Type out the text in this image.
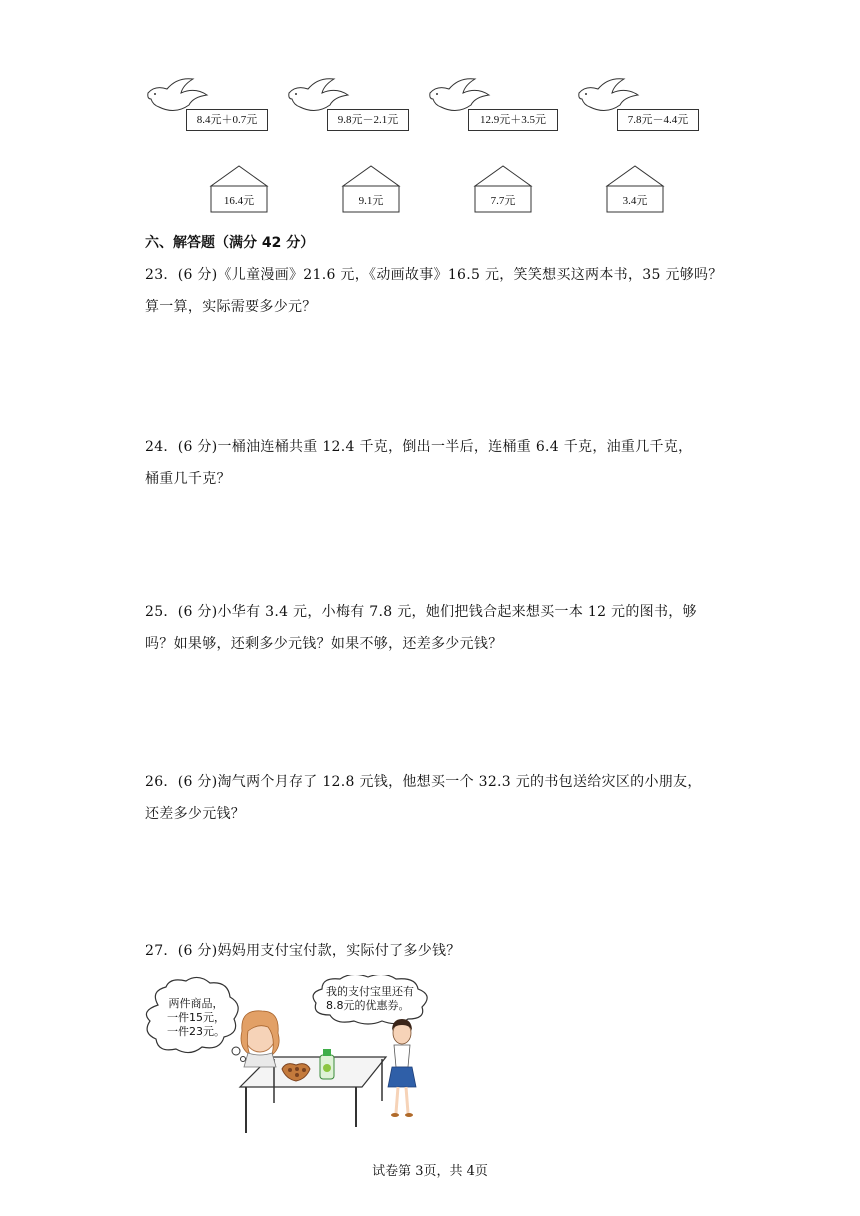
8.4元＋0.7元	9.8元－2.1元	12.9元＋3.5元	7.8元－4.4元
16.4元	9.1元	7.7元	3.4元
六、解答题（满分 42 分）
23．(6 分)《儿童漫画》21.6 元，《动画故事》16.5 元，笑笑想买这两本书，35 元够吗？
算一算，实际需要多少元？
24．(6 分)一桶油连桶共重 12.4 千克，倒出一半后，连桶重 6.4 千克，油重几千克，
桶重几千克？
25．(6 分)小华有 3.4 元，小梅有 7.8 元，她们把钱合起来想买一本 12 元的图书，够
吗？如果够，还剩多少元钱？如果不够，还差多少元钱？
26．(6 分)淘气两个月存了 12.8 元钱，他想买一个 32.3 元的书包送给灾区的小朋友，
还差多少元钱？
27．(6 分)妈妈用支付宝付款，实际付了多少钱？
两件商品，
一件15元，
一件23元。
我的支付宝里还有
8.8元的优惠券。
试卷第 3页，共 4页
